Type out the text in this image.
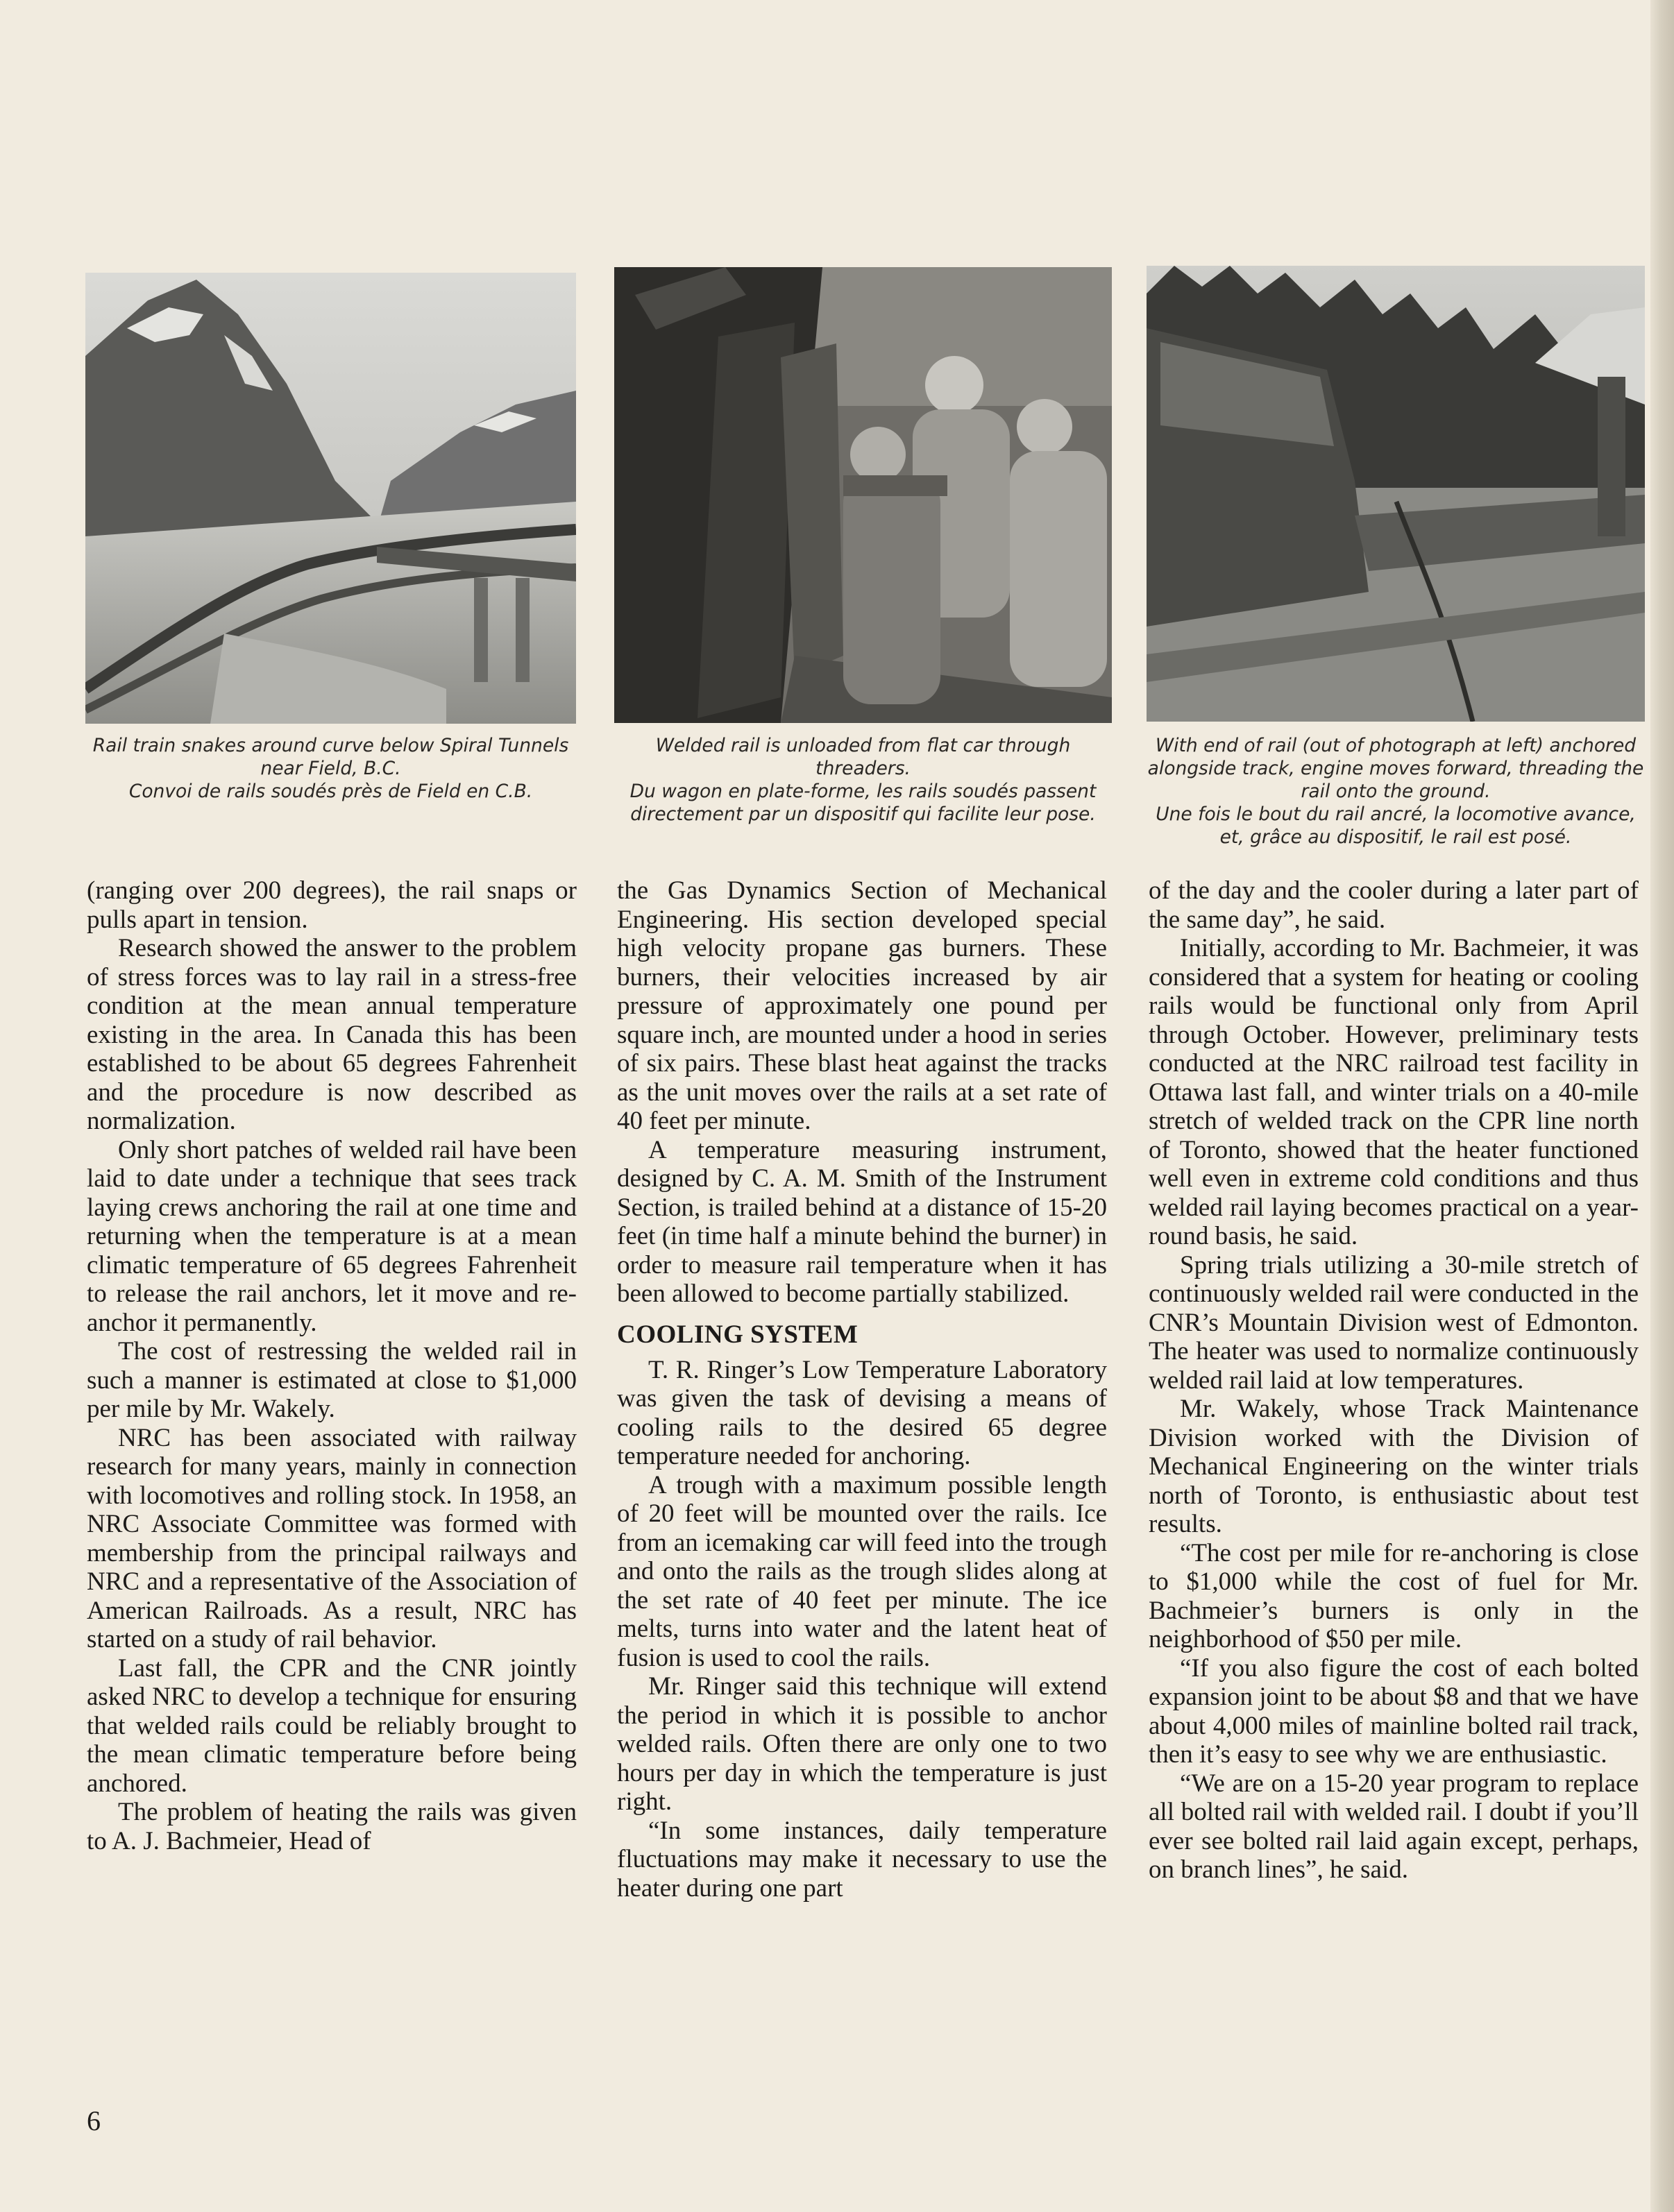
Rail train snakes around curve below Spiral Tunnels near Field, B.C.

Convoi de rails soudés près de Field en C.B.

Welded rail is unloaded from flat car through threaders.

Du wagon en plate-forme, les rails soudés passent directement par un dispositif qui facilite leur pose.

With end of rail (out of photograph at left) anchored alongside track, engine moves forward, threading the rail onto the ground.

Une fois le bout du rail ancré, la locomotive avance, et, grâce au dispositif, le rail est posé.

(ranging over 200 degrees), the rail snaps or pulls apart in tension.

Research showed the answer to the problem of stress forces was to lay rail in a stress-free condition at the mean annual temperature existing in the area. In Canada this has been established to be about 65 degrees Fahrenheit and the procedure is now described as normalization.

Only short patches of welded rail have been laid to date under a technique that sees track laying crews anchoring the rail at one time and returning when the temperature is at a mean climatic temperature of 65 degrees Fahrenheit to release the rail anchors, let it move and re-anchor it permanently.

The cost of restressing the welded rail in such a manner is estimated at close to $1,000 per mile by Mr. Wakely.

NRC has been associated with railway research for many years, mainly in connection with locomotives and rolling stock. In 1958, an NRC Associate Committee was formed with membership from the principal railways and NRC and a representative of the Association of American Railroads. As a result, NRC has started on a study of rail behavior.

Last fall, the CPR and the CNR jointly asked NRC to develop a technique for ensuring that welded rails could be reliably brought to the mean climatic temperature before being anchored.

The problem of heating the rails was given to A. J. Bachmeier, Head of

the Gas Dynamics Section of Mechanical Engineering. His section developed special high velocity propane gas burners. These burners, their velocities increased by air pressure of approximately one pound per square inch, are mounted under a hood in series of six pairs. These blast heat against the tracks as the unit moves over the rails at a set rate of 40 feet per minute.

A temperature measuring instrument, designed by C. A. M. Smith of the Instrument Section, is trailed behind at a distance of 15-20 feet (in time half a minute behind the burner) in order to measure rail temperature when it has been allowed to become partially stabilized.

COOLING SYSTEM

T. R. Ringer’s Low Temperature Laboratory was given the task of devising a means of cooling rails to the desired 65 degree temperature needed for anchoring.

A trough with a maximum possible length of 20 feet will be mounted over the rails. Ice from an icemaking car will feed into the trough and onto the rails as the trough slides along at the set rate of 40 feet per minute. The ice melts, turns into water and the latent heat of fusion is used to cool the rails.

Mr. Ringer said this technique will extend the period in which it is possible to anchor welded rails. Often there are only one to two hours per day in which the temperature is just right.

“In some instances, daily temperature fluctuations may make it necessary to use the heater during one part

of the day and the cooler during a later part of the same day”, he said.

Initially, according to Mr. Bachmeier, it was considered that a system for heating or cooling rails would be functional only from April through October. However, preliminary tests conducted at the NRC railroad test facility in Ottawa last fall, and winter trials on a 40-mile stretch of welded track on the CPR line north of Toronto, showed that the heater functioned well even in extreme cold conditions and thus welded rail laying becomes practical on a year-round basis, he said.

Spring trials utilizing a 30-mile stretch of continuously welded rail were conducted in the CNR’s Mountain Division west of Edmonton. The heater was used to normalize continuously welded rail laid at low temperatures.

Mr. Wakely, whose Track Maintenance Division worked with the Division of Mechanical Engineering on the winter trials north of Toronto, is enthusiastic about test results.

“The cost per mile for re-anchoring is close to $1,000 while the cost of fuel for Mr. Bachmeier’s burners is only in the neighborhood of $50 per mile.

“If you also figure the cost of each bolted expansion joint to be about $8 and that we have about 4,000 miles of mainline bolted rail track, then it’s easy to see why we are enthusiastic.

“We are on a 15-20 year program to replace all bolted rail with welded rail. I doubt if you’ll ever see bolted rail laid again except, perhaps, on branch lines”, he said.

6
